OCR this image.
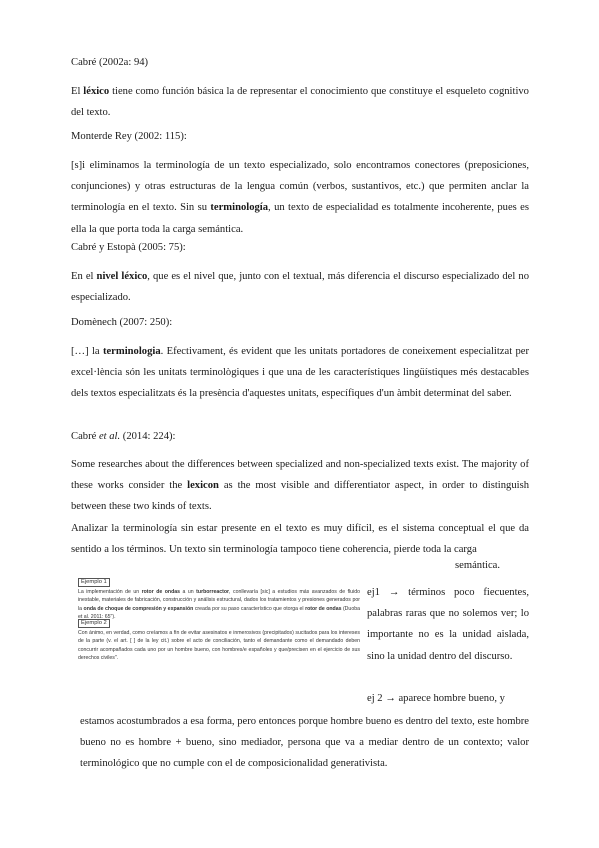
Cabré (2002a: 94)

El léxico tiene como función básica la de representar el conocimiento que constituye el esqueleto cognitivo del texto.

Monterde Rey (2002: 115):

[s]i eliminamos la terminología de un texto especializado, solo encontramos conectores (preposiciones, conjunciones) y otras estructuras de la lengua común (verbos, sustantivos, etc.) que permiten anclar la terminología en el texto. Sin su terminología, un texto de especialidad es totalmente incoherente, pues es ella la que porta toda la carga semántica.

Cabré y Estopà (2005: 75):

En el nivel léxico, que es el nivel que, junto con el textual, más diferencia el discurso especializado del no especializado.

Domènech (2007: 250):

[…] la terminologia. Efectivament, és evident que les unitats portadores de coneixement especialitzat per excel·lència són les unitats terminològiques i que una de les característiques lingüístiques més destacables dels textos especialitzats és la presència d'aquestes unitats, específiques d'un àmbit determinat del saber.

Cabré et al. (2014: 224):

Some researches about the differences between specialized and non-specialized texts exist. The majority of these works consider the lexicon as the most visible and differentiator aspect, in order to distinguish between these two kinds of texts.

Analizar la terminología sin estar presente en el texto es muy difícil, es el sistema conceptual el que da sentido a los términos. Un texto sin terminología tampoco tiene coherencia, pierde toda la carga

semántica.
Ejemplo 1

La implementación de un rotor de ondas a un turborreactor, conllevaría [sic] a estudios más avanzados de fluido inestable, materiales de fabricación, construcción y análisis estructural, dados los tratamientos y presiones generados por la onda de choque de compresión y expansión creada por su paso característico que otorga el rotor de ondas (Duoba et al. 2011: 65").

Ejemplo 2

Con ánimo, en verdad, como creíamos a fin de evitar asesinatos e inmerosivos (precipitados) sucitados para los intereses de la parte (v. el art. [ ] de la ley cit.) sobre el acto de conciliación, tanto el demandante como el demandado deben concurrir acompañados cada uno por un hombre bueno, con hombres/e españoles y que/precisen en el ejercicio de sus derechos civiles".

ej1 → términos poco fiecuentes, palabras raras que no solemos ver; lo importante no es la unidad aislada, sino la unidad dentro del discurso.

ej 2 → aparece hombre bueno, y

estamos acostumbrados a esa forma, pero entonces porque hombre bueno es dentro del texto, este hombre bueno no es hombre + bueno, sino mediador, persona que va a mediar dentro de un contexto; valor terminológico que no cumple con el de composicionalidad generativista.
